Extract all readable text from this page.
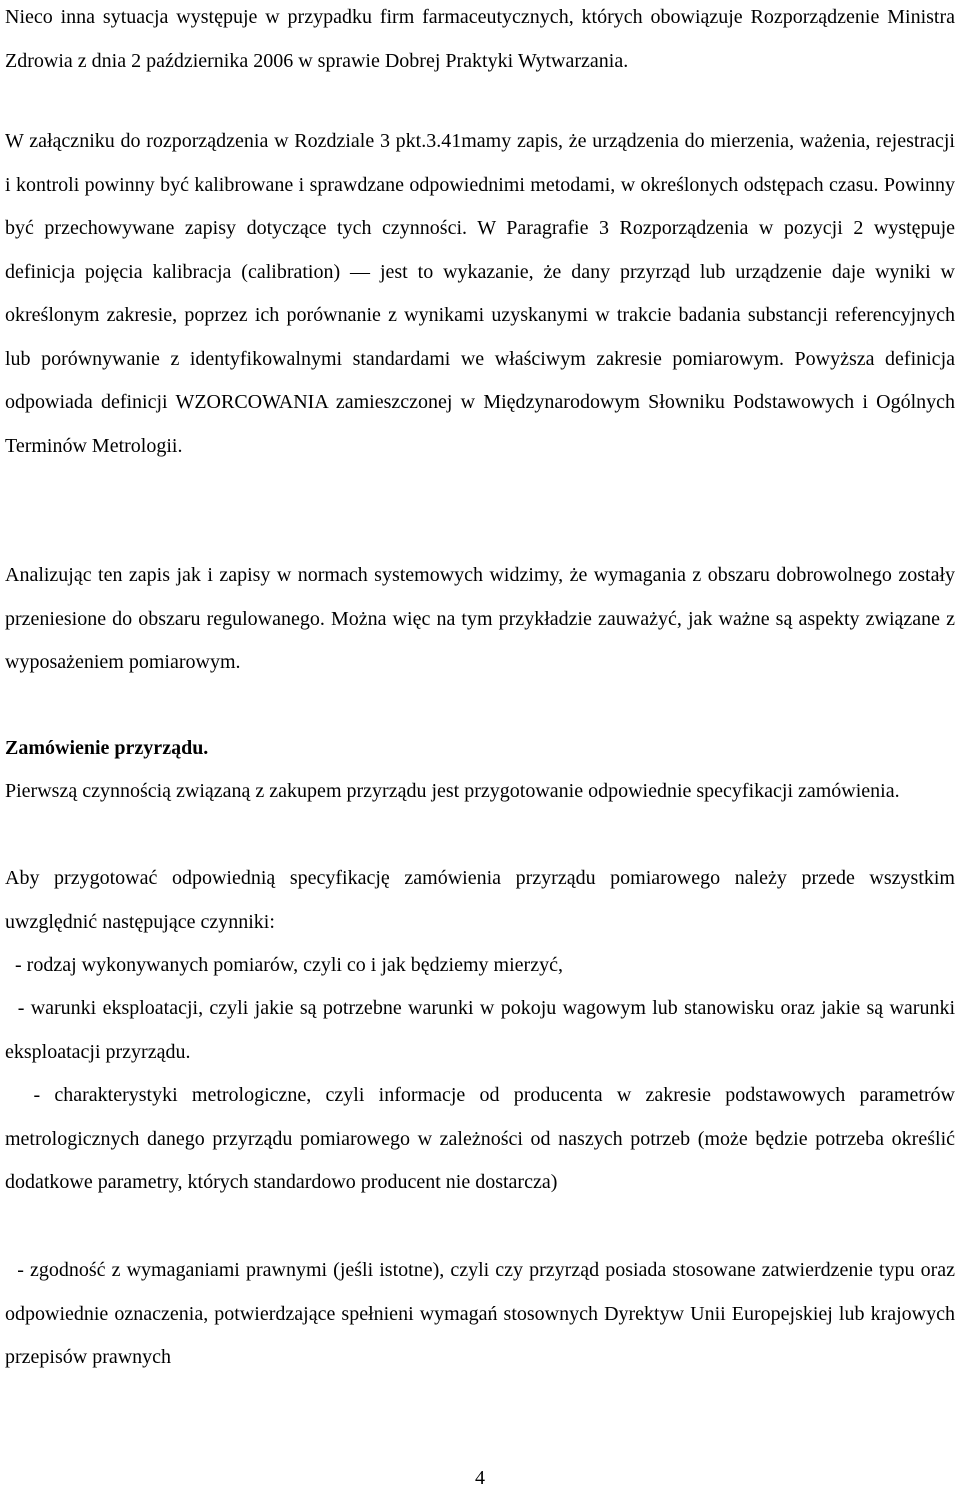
Nieco inna sytuacja występuje w przypadku firm farmaceutycznych, których obowiązuje Rozporządzenie Ministra Zdrowia z dnia 2 października 2006 w sprawie Dobrej Praktyki Wytwarzania.

W załączniku do rozporządzenia w Rozdziale 3 pkt.3.41mamy zapis, że urządzenia do mierzenia, ważenia, rejestracji i kontroli powinny być kalibrowane i sprawdzane odpowiednimi metodami, w określonych odstępach czasu. Powinny być przechowywane zapisy dotyczące tych czynności. W Paragrafie 3 Rozporządzenia w pozycji 2 występuje definicja pojęcia kalibracja (calibration) — jest to wykazanie, że dany przyrząd lub urządzenie daje wyniki w określonym zakresie, poprzez ich porównanie z wynikami uzyskanymi w trakcie badania substancji referencyjnych lub porównywanie z identyfikowalnymi standardami we właściwym zakresie pomiarowym. Powyższa definicja odpowiada definicji WZORCOWANIA zamieszczonej w Międzynarodowym Słowniku Podstawowych i Ogólnych Terminów Metrologii.

Analizując ten zapis jak i zapisy w normach systemowych widzimy, że wymagania z obszaru dobrowolnego zostały przeniesione do obszaru regulowanego. Można więc na tym przykładzie zauważyć, jak ważne są aspekty związane z wyposażeniem pomiarowym.

Zamówienie przyrządu.

Pierwszą czynnością związaną z zakupem przyrządu jest przygotowanie odpowiednie specyfikacji zamówienia.

Aby przygotować odpowiednią specyfikację zamówienia przyrządu pomiarowego należy przede wszystkim uwzględnić następujące czynniki:

- rodzaj wykonywanych pomiarów, czyli co i jak będziemy mierzyć,

- warunki eksploatacji, czyli jakie są potrzebne warunki w pokoju wagowym lub stanowisku oraz jakie są warunki eksploatacji przyrządu.

- charakterystyki metrologiczne, czyli informacje od producenta w zakresie podstawowych parametrów metrologicznych danego przyrządu pomiarowego w zależności od naszych potrzeb (może będzie potrzeba określić dodatkowe parametry, których standardowo producent nie dostarcza)

- zgodność z wymaganiami prawnymi (jeśli istotne), czyli czy przyrząd posiada stosowane zatwierdzenie typu oraz odpowiednie oznaczenia, potwierdzające spełnieni wymagań stosownych Dyrektyw Unii Europejskiej lub krajowych przepisów prawnych

4
